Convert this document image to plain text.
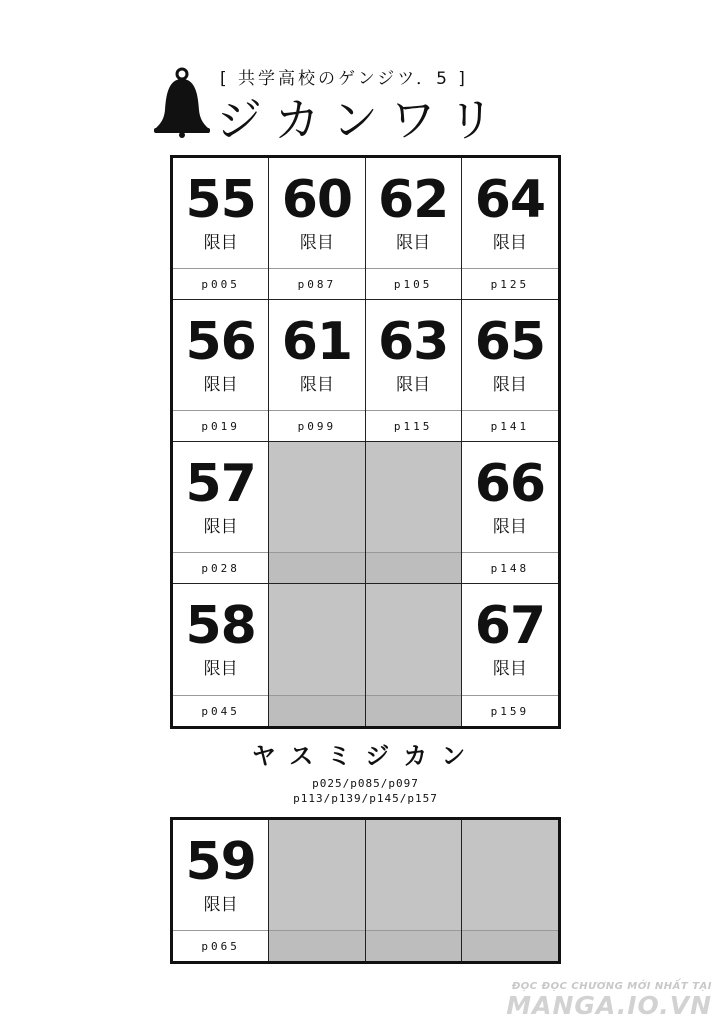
[ 共学高校のゲンジツ．5 ]
ジカンワリ
55
限目
p005
60
限目
p087
62
限目
p105
64
限目
p125
56
限目
p019
61
限目
p099
63
限目
p115
65
限目
p141
57
限目
p028
66
限目
p148
58
限目
p045
67
限目
p159
ヤスミジカン
p025/p085/p097
p113/p139/p145/p157
59
限目
p065
ĐỌC ĐỌC CHƯƠNG MỚI NHẤT TẠI
MANGA.IO.VN
